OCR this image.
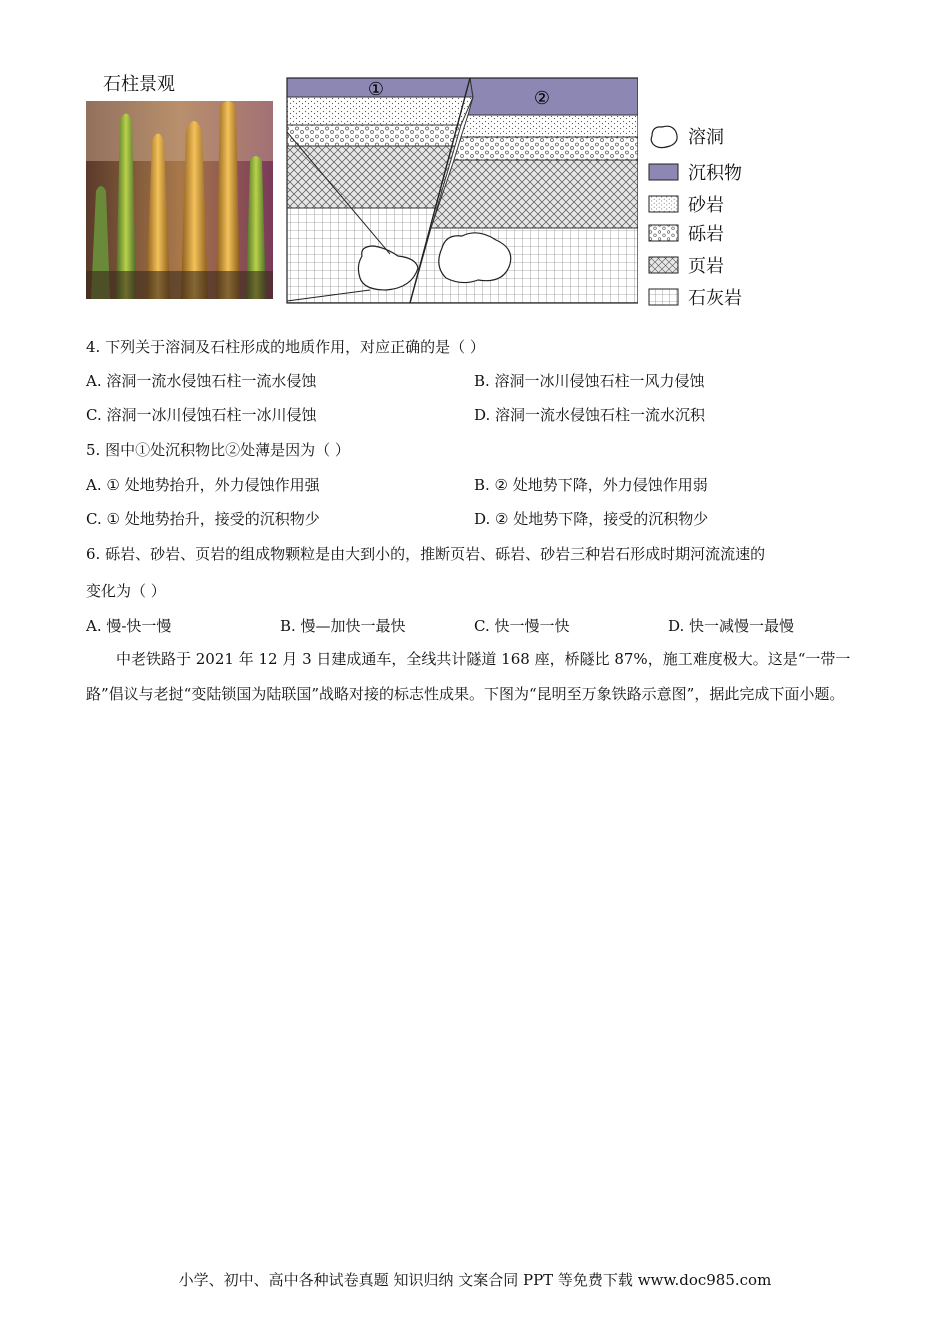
石柱景观	①	②
溶洞
沉积物
砂岩
砾岩
页岩
石灰岩
4. 下列关于溶洞及石柱形成的地质作用，对应正确的是（ ）
A. 溶洞一流水侵蚀石柱一流水侵蚀	B. 溶洞一冰川侵蚀石柱一风力侵蚀
C. 溶洞一冰川侵蚀石柱一冰川侵蚀	D. 溶洞一流水侵蚀石柱一流水沉积
5. 图中①处沉积物比②处薄是因为（ ）
A. ① 处地势抬升，外力侵蚀作用强	B. ② 处地势下降，外力侵蚀作用弱
C. ① 处地势抬升，接受的沉积物少	D. ② 处地势下降，接受的沉积物少
6. 砾岩、砂岩、页岩的组成物颗粒是由大到小的，推断页岩、砾岩、砂岩三种岩石形成时期河流流速的
变化为（ ）
A. 慢-快一慢	B. 慢—加快一最快	C. 快一慢一快	D. 快一减慢一最慢
中老铁路于 2021 年 12 月 3 日建成通车，全线共计隧道 168 座，桥隧比 87%，施工难度极大。这是“一带一路”倡议与老挝“变陆锁国为陆联国”战略对接的标志性成果。下图为“昆明至万象铁路示意图”，据此完成下面小题。
小学、初中、高中各种试卷真题 知识归纳 文案合同 PPT 等免费下载 www.doc985.com
